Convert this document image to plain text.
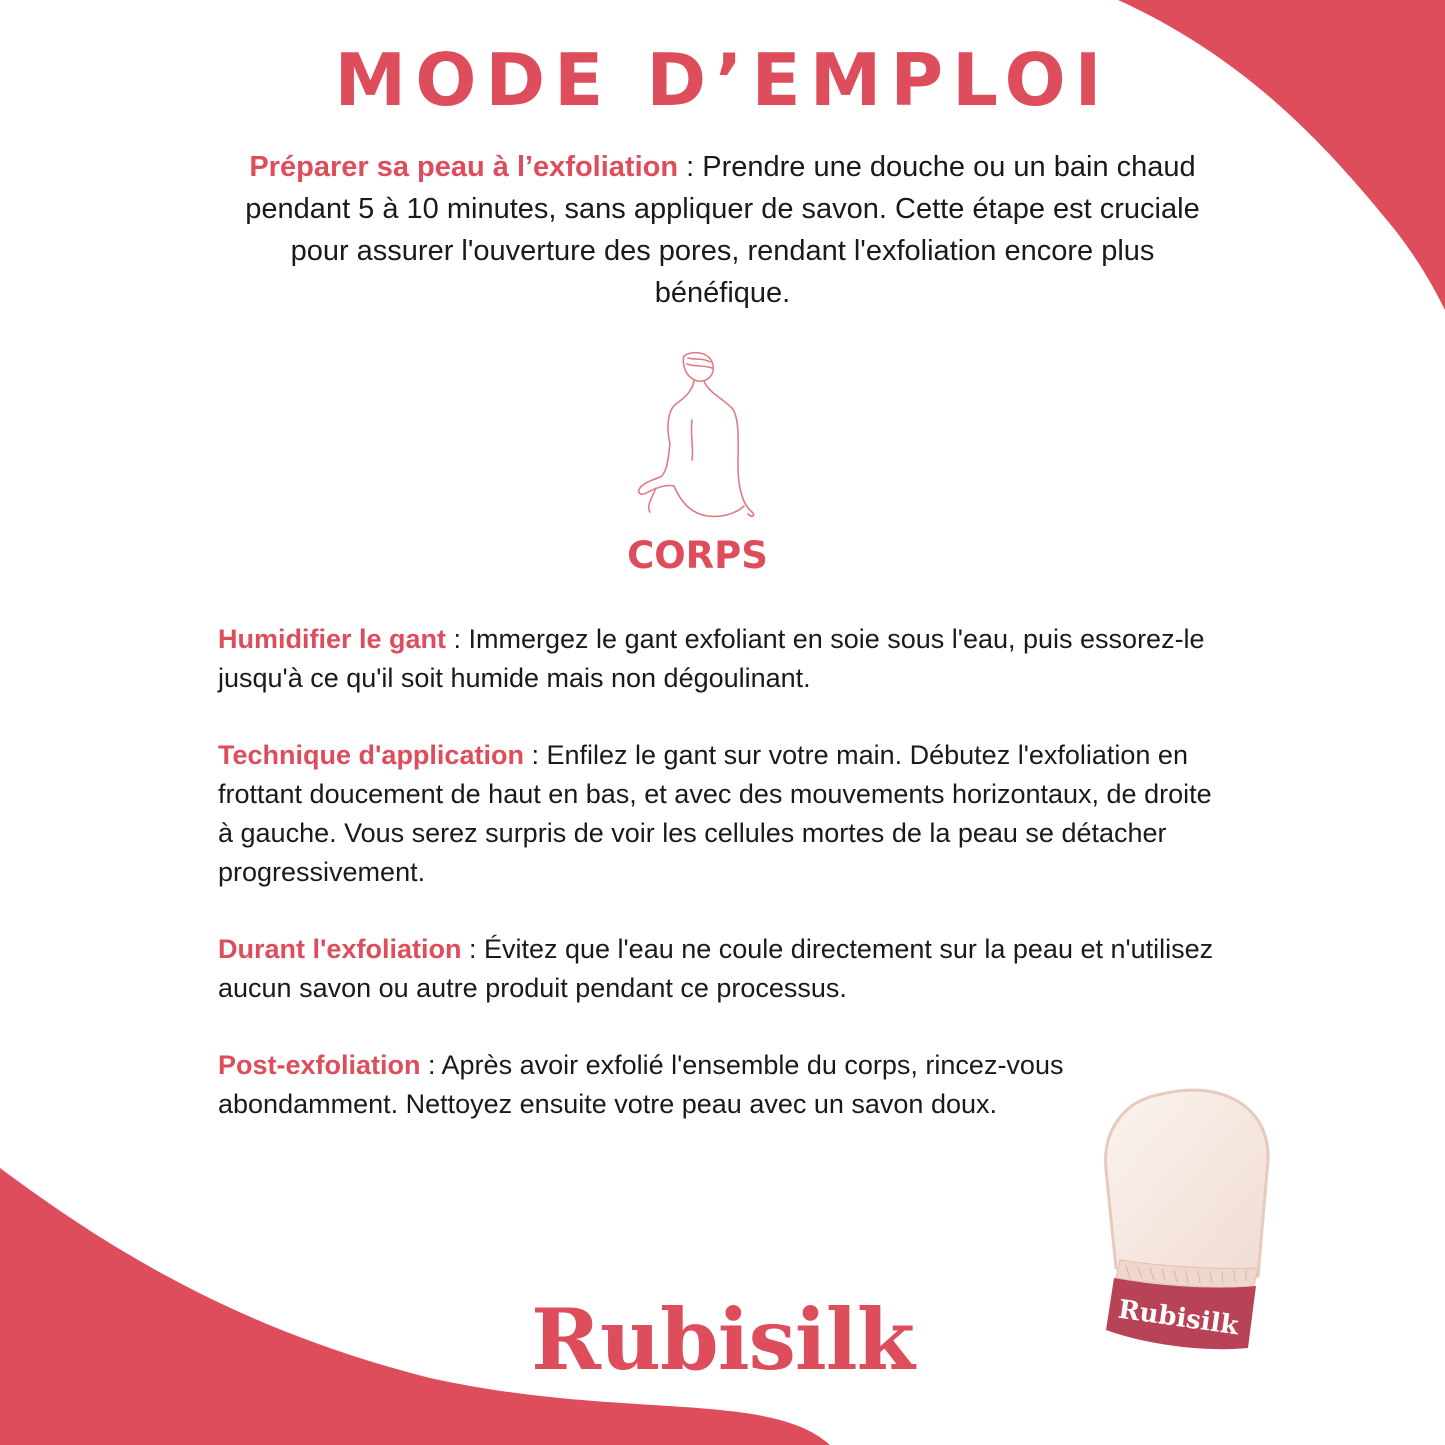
MODE D’EMPLOI

Préparer sa peau à l’exfoliation : Prendre une douche ou un bain chaud pendant 5 à 10 minutes, sans appliquer de savon. Cette étape est cruciale pour assurer l'ouverture des pores, rendant l'exfoliation encore plus bénéfique.

CORPS

Humidifier le gant : Immergez le gant exfoliant en soie sous l'eau, puis essorez-le jusqu'à ce qu'il soit humide mais non dégoulinant.

Technique d'application : Enfilez le gant sur votre main. Débutez l'exfoliation en frottant doucement de haut en bas, et avec des mouvements horizontaux, de droite à gauche. Vous serez surpris de voir les cellules mortes de la peau se détacher progressivement.

Durant l'exfoliation : Évitez que l'eau ne coule directement sur la peau et n'utilisez aucun savon ou autre produit pendant ce processus.

Post-exfoliation : Après avoir exfolié l'ensemble du corps, rincez-vous abondamment. Nettoyez ensuite votre peau avec un savon doux.

Rubisilk	Rubisilk
